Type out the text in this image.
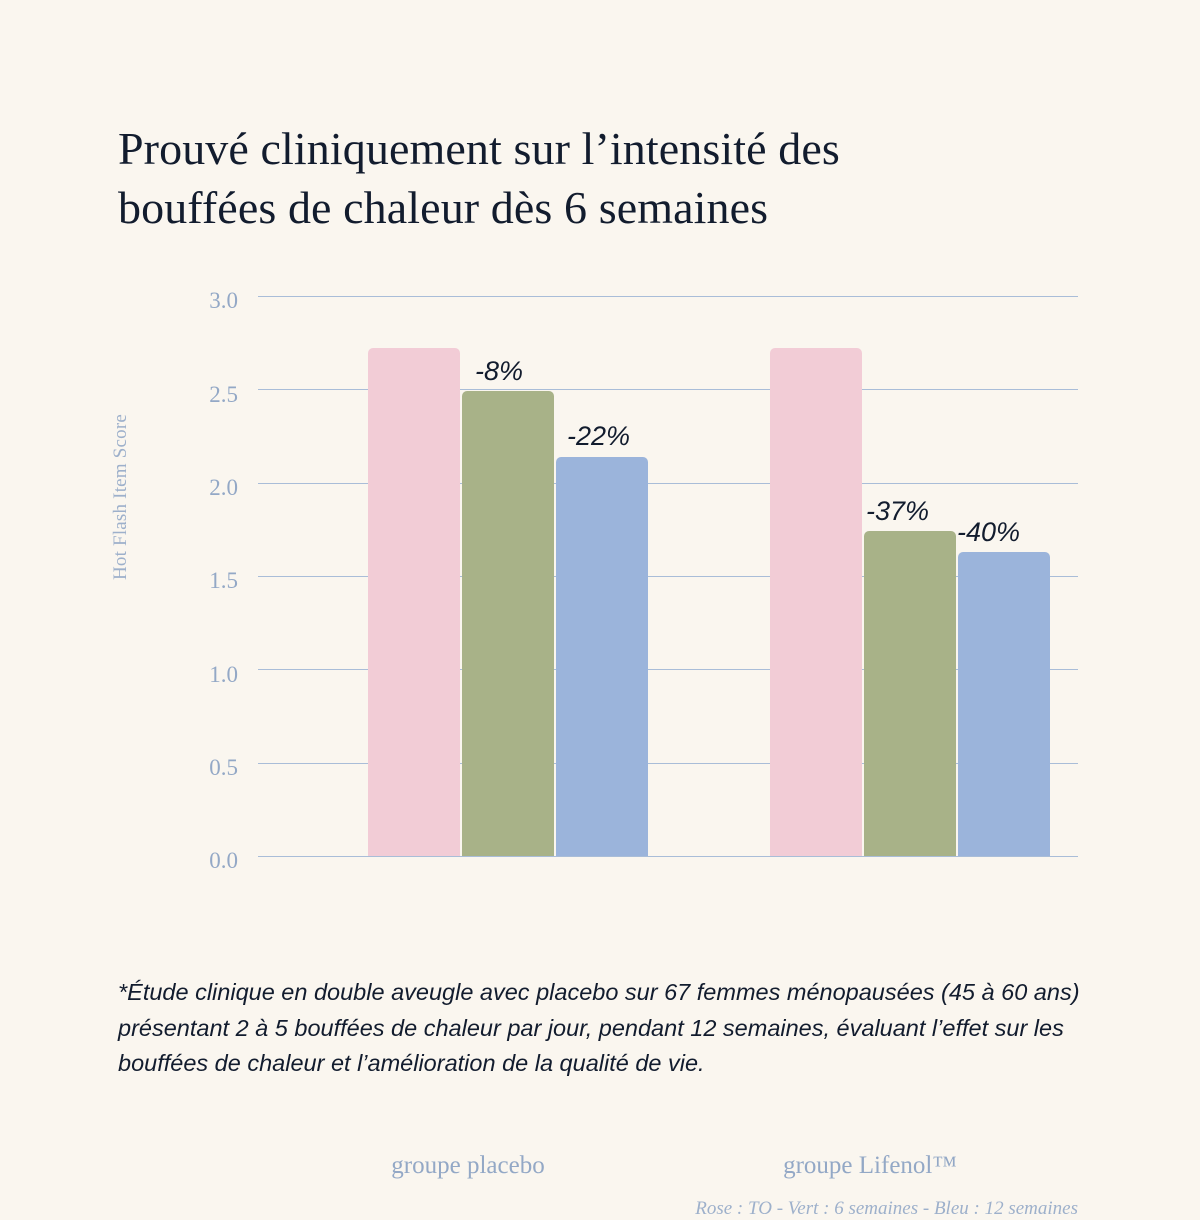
Prouvé cliniquement sur l’intensité des
bouffées de chaleur dès 6 semaines
Hot Flash Item Score
0.0
0.5
1.0
1.5
2.0
2.5
3.0
-8%
-22%
-37%
-40%
groupe placebo	groupe Lifenol™
Rose : TO - Vert : 6 semaines - Bleu : 12 semaines
*Étude clinique en double aveugle avec placebo sur 67 femmes ménopausées (45 à 60 ans) présentant 2 à 5 bouffées de chaleur par jour, pendant 12 semaines, évaluant l’effet sur les bouffées de chaleur et l’amélioration de la qualité de vie.
